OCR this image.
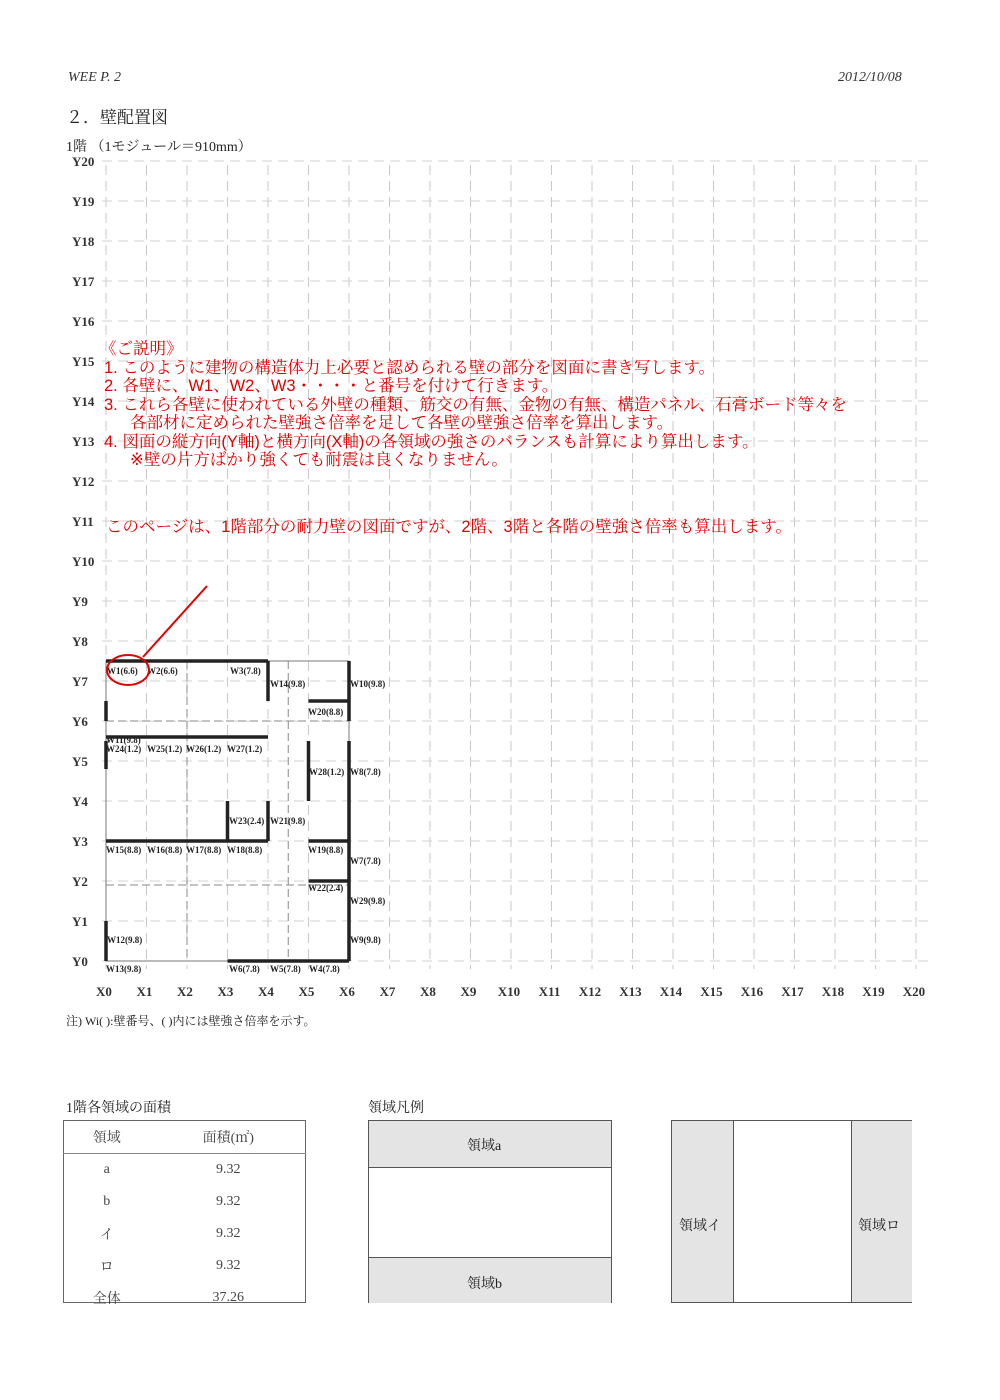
WEE P. 2	2012/10/08
２．壁配置図
1階 （1モジュール＝910mm）
Y20
Y19
Y18
Y17
Y16
Y15
Y14
Y13
Y12
Y11
Y10
Y9
Y8
Y7
Y6
Y5
Y4
Y3
Y2
Y1
Y0
X0 X1 X2 X3 X4 X5 X6 X7 X8 X9 X10 X11 X12 X13 X14 X15 X16 X17 X18 X19 X20
W1(6.6) W2(6.6)	W3(7.8)
W14(9.8)	W10(9.8)
W20(8.8)
W11(9.8)
W24(1.2) W25(1.2) W26(1.2) W27(1.2)
W28(1.2) W8(7.8)
W23(2.4) W21(9.8)
W15(8.8) W16(8.8) W17(8.8) W18(8.8)	W19(8.8)
W7(7.8)
W22(2.4)
W29(9.8)
W12(9.8)	W9(9.8)
W13(9.8)	W6(7.8) W5(7.8) W4(7.8)
《ご説明》
1. このように建物の構造体力上必要と認められる壁の部分を図面に書き写します。
2. 各壁に、W1、W2、W3・・・・と番号を付けて行きます。
3. これら各壁に使われている外壁の種類、筋交の有無、金物の有無、構造パネル、石膏ボード等々を
各部材に定められた壁強さ倍率を足して各壁の壁強さ倍率を算出します。
4. 図面の縦方向(Y軸)と横方向(X軸)の各領域の強さのバランスも計算により算出します。
※壁の片方ばかり強くても耐震は良くなりません。
このページは、1階部分の耐力壁の図面ですが、2階、3階と各階の壁強さ倍率も算出します。
注) Wi( ):壁番号、( )内には壁強さ倍率を示す。
1階各領域の面積
領域	面積(㎡)
a	9.32
b	9.32
イ	9.32
ロ	9.32
全体	37.26
領域凡例
領域a
領域b
領域イ	領域ロ
